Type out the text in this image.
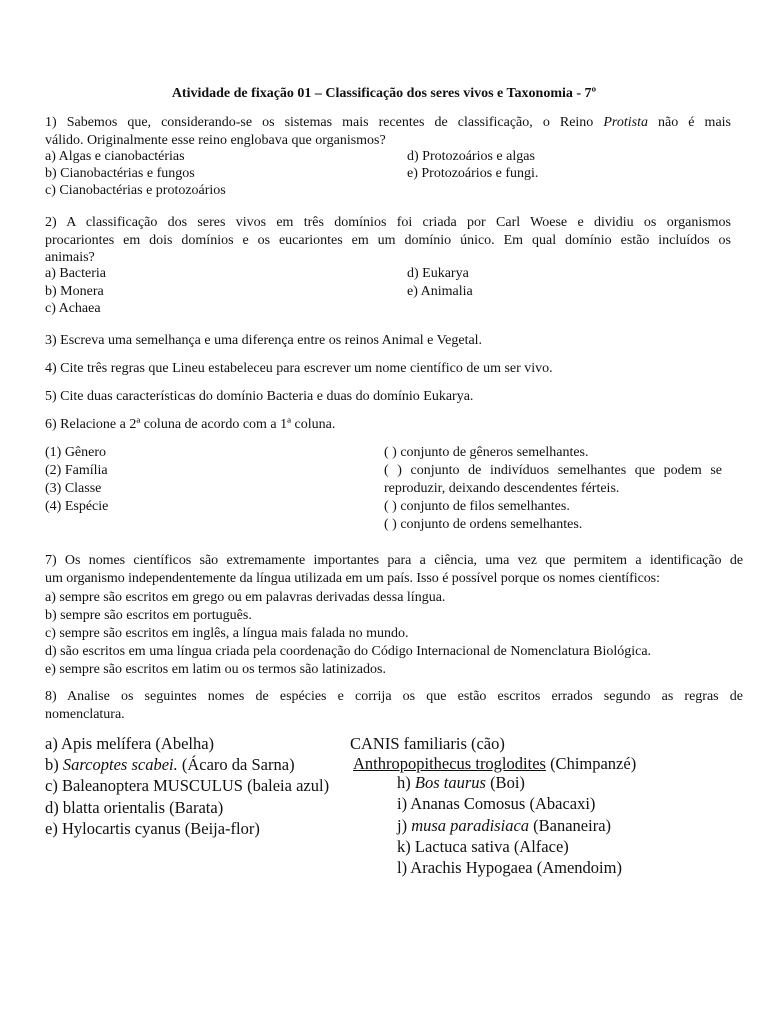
Atividade de fixação 01 – Classificação dos seres vivos e Taxonomia - 7º
1) Sabemos que, considerando-se os sistemas mais recentes de classificação, o Reino Protista não é mais
válido. Originalmente esse reino englobava que organismos?
a) Algas e cianobactérias
b) Cianobactérias e fungos
c) Cianobactérias e protozoários
d) Protozoários e algas
e) Protozoários e fungi.
2) A classificação dos seres vivos em três domínios foi criada por Carl Woese e dividiu os organismos
procariontes em dois domínios e os eucariontes em um domínio único. Em qual domínio estão incluídos os
animais?
a) Bacteria
b) Monera
c) Achaea
d) Eukarya
e) Animalia
3) Escreva uma semelhança e uma diferença entre os reinos Animal e Vegetal.
4) Cite três regras que Lineu estabeleceu para escrever um nome científico de um ser vivo.
5) Cite duas características do domínio Bacteria e duas do domínio Eukarya.
6) Relacione a 2ª coluna de acordo com a 1ª coluna.
(1) Gênero
(2) Família
(3) Classe
(4) Espécie
( ) conjunto de gêneros semelhantes.
( ) conjunto de indivíduos semelhantes que podem se
reproduzir, deixando descendentes férteis.
( ) conjunto de filos semelhantes.
( ) conjunto de ordens semelhantes.
7) Os nomes científicos são extremamente importantes para a ciência, uma vez que permitem a identificação de
um organismo independentemente da língua utilizada em um país. Isso é possível porque os nomes científicos:
a) sempre são escritos em grego ou em palavras derivadas dessa língua.
b) sempre são escritos em português.
c) sempre são escritos em inglês, a língua mais falada no mundo.
d) são escritos em uma língua criada pela coordenação do Código Internacional de Nomenclatura Biológica.
e) sempre são escritos em latim ou os termos são latinizados.
8) Analise os seguintes nomes de espécies e corrija os que estão escritos errados segundo as regras de
nomenclatura.
a) Apis melífera (Abelha)
b) Sarcoptes scabei. (Ácaro da Sarna)
c) Baleanoptera MUSCULUS (baleia azul)
d) blatta orientalis (Barata)
e) Hylocartis cyanus (Beija-flor)
CANIS familiaris (cão)
Anthropopithecus troglodites (Chimpanzé)
h) Bos taurus (Boi)
i) Ananas Comosus (Abacaxi)
j) musa paradisiaca (Bananeira)
k) Lactuca sativa (Alface)
l) Arachis Hypogaea (Amendoim)
